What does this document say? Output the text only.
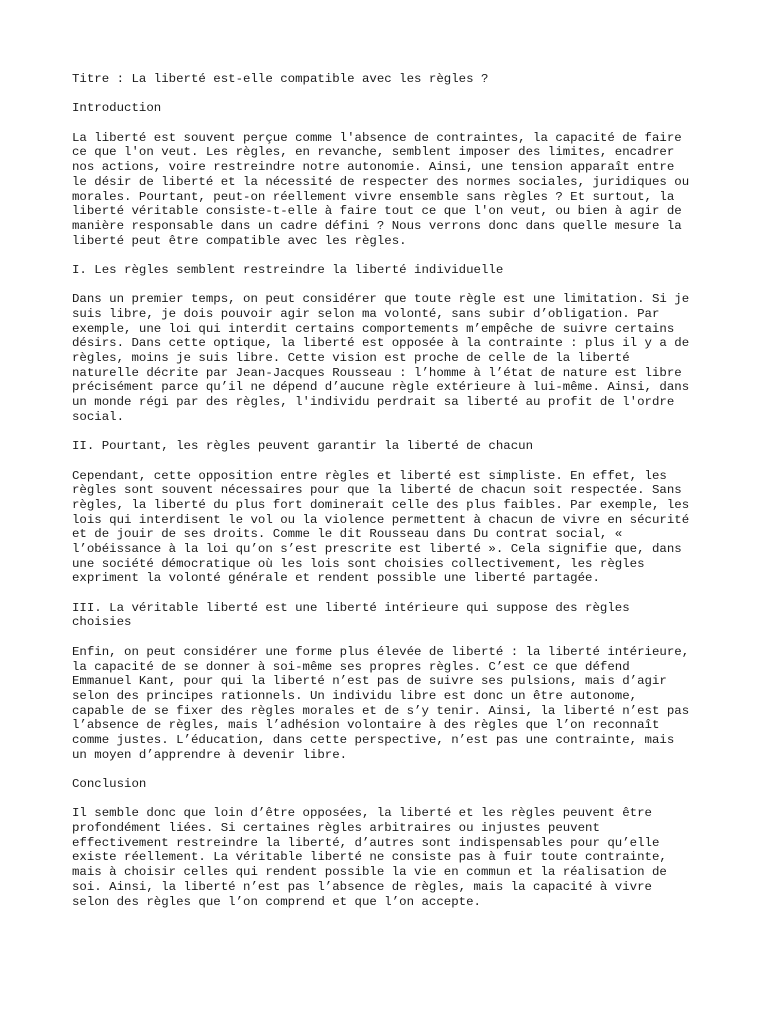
Titre : La liberté est-elle compatible avec les règles ?
Introduction
La liberté est souvent perçue comme l'absence de contraintes, la capacité de faire
ce que l'on veut. Les règles, en revanche, semblent imposer des limites, encadrer
nos actions, voire restreindre notre autonomie. Ainsi, une tension apparaît entre
le désir de liberté et la nécessité de respecter des normes sociales, juridiques ou
morales. Pourtant, peut-on réellement vivre ensemble sans règles ? Et surtout, la
liberté véritable consiste-t-elle à faire tout ce que l'on veut, ou bien à agir de
manière responsable dans un cadre défini ? Nous verrons donc dans quelle mesure la
liberté peut être compatible avec les règles.
I. Les règles semblent restreindre la liberté individuelle
Dans un premier temps, on peut considérer que toute règle est une limitation. Si je
suis libre, je dois pouvoir agir selon ma volonté, sans subir d’obligation. Par
exemple, une loi qui interdit certains comportements m’empêche de suivre certains
désirs. Dans cette optique, la liberté est opposée à la contrainte : plus il y a de
règles, moins je suis libre. Cette vision est proche de celle de la liberté
naturelle décrite par Jean-Jacques Rousseau : l’homme à l’état de nature est libre
précisément parce qu’il ne dépend d’aucune règle extérieure à lui-même. Ainsi, dans
un monde régi par des règles, l'individu perdrait sa liberté au profit de l'ordre
social.
II. Pourtant, les règles peuvent garantir la liberté de chacun
Cependant, cette opposition entre règles et liberté est simpliste. En effet, les
règles sont souvent nécessaires pour que la liberté de chacun soit respectée. Sans
règles, la liberté du plus fort dominerait celle des plus faibles. Par exemple, les
lois qui interdisent le vol ou la violence permettent à chacun de vivre en sécurité
et de jouir de ses droits. Comme le dit Rousseau dans Du contrat social, «
l’obéissance à la loi qu’on s’est prescrite est liberté ». Cela signifie que, dans
une société démocratique où les lois sont choisies collectivement, les règles
expriment la volonté générale et rendent possible une liberté partagée.
III. La véritable liberté est une liberté intérieure qui suppose des règles
choisies
Enfin, on peut considérer une forme plus élevée de liberté : la liberté intérieure,
la capacité de se donner à soi-même ses propres règles. C’est ce que défend
Emmanuel Kant, pour qui la liberté n’est pas de suivre ses pulsions, mais d’agir
selon des principes rationnels. Un individu libre est donc un être autonome,
capable de se fixer des règles morales et de s’y tenir. Ainsi, la liberté n’est pas
l’absence de règles, mais l’adhésion volontaire à des règles que l’on reconnaît
comme justes. L’éducation, dans cette perspective, n’est pas une contrainte, mais
un moyen d’apprendre à devenir libre.
Conclusion
Il semble donc que loin d’être opposées, la liberté et les règles peuvent être
profondément liées. Si certaines règles arbitraires ou injustes peuvent
effectivement restreindre la liberté, d’autres sont indispensables pour qu’elle
existe réellement. La véritable liberté ne consiste pas à fuir toute contrainte,
mais à choisir celles qui rendent possible la vie en commun et la réalisation de
soi. Ainsi, la liberté n’est pas l’absence de règles, mais la capacité à vivre
selon des règles que l’on comprend et que l’on accepte.
